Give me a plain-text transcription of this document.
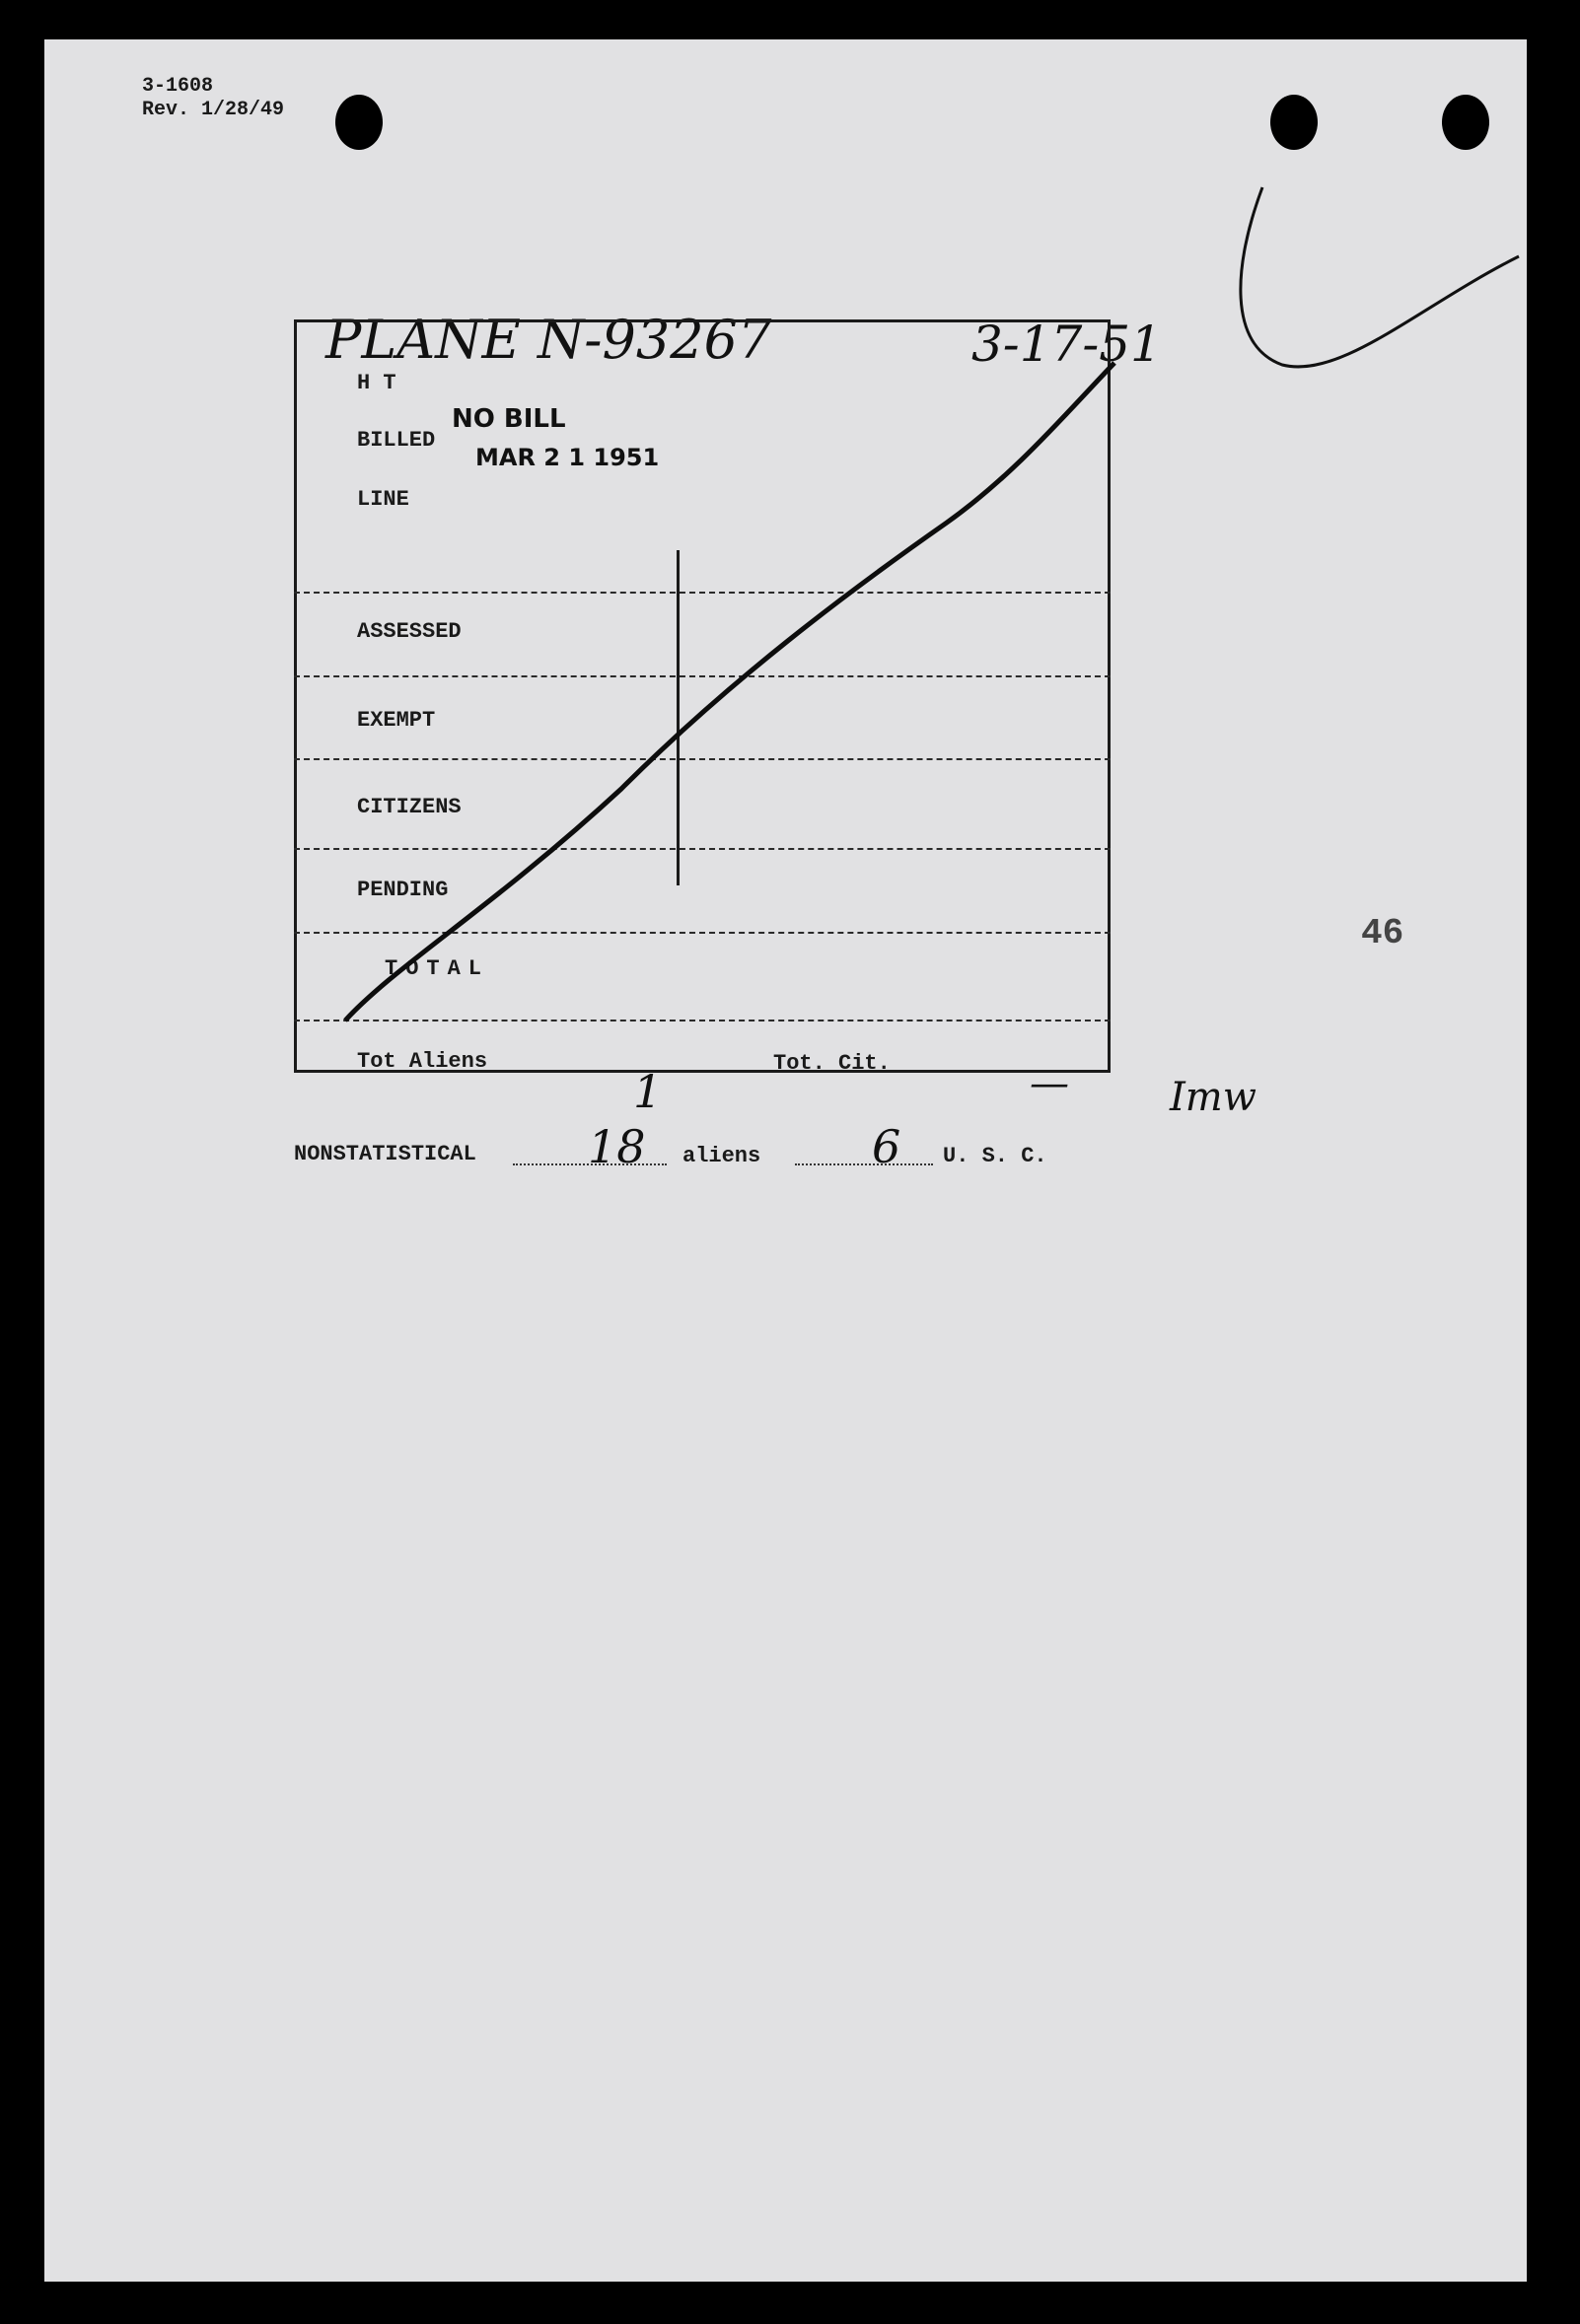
3-1608
Rev. 1/28/49
PLANE N-93267	3-17-51
H T
BILLED
LINE
ASSESSED
EXEMPT
CITIZENS
PENDING
TOTAL
Tot Aliens	Tot. Cit.
NO BILL
MAR 2 1 1951
1	—	Imw
NONSTATISTICAL 18 aliens 6 U. S. C.
46
